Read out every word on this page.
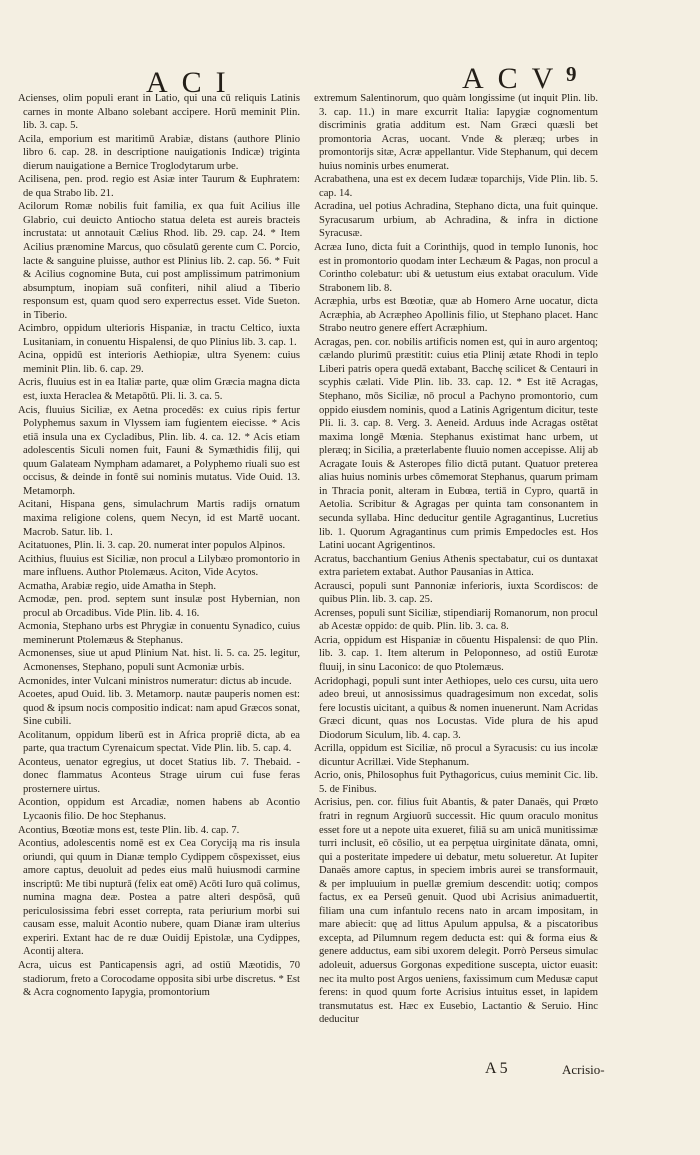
ACI	ACV
9

Acienses, olim populi erant in Latio, qui una cū reliquis Latinis carnes in monte Albano solebant accipere. Horū meminit Plin. lib. 3. cap. 5.

Acila, emporium est maritimū Arabiæ, distans (authore Plinio libro 6. cap. 28. in descriptione nauigationis Indicæ) triginta dierum nauigatione a Bernice Troglodytarum urbe.

Acilisena, pen. prod. regio est Asiæ inter Taurum & Euphratem: de qua Strabo lib. 21.

Acilorum Romæ nobilis fuit familia, ex qua fuit Acilius ille Glabrio, cui deuicto Antiocho statua deleta est aureis bracteis incrustata: ut annotauit Cælius Rhod. lib. 29. cap. 24. * Item Acilius prænomine Marcus, quo cōsulatū gerente cum C. Porcio, lacte & sanguine pluisse, author est Plinius lib. 2. cap. 56. * Fuit & Acilius cognomine Buta, cui post amplissimum patrimonium absumptum, inopiam suā confiteri, nihil aliud a Tiberio responsum est, quam quod sero experrectus esset. Vide Sueton. in Tiberio.

Acimbro, oppidum ulterioris Hispaniæ, in tractu Celtico, iuxta Lusitaniam, in conuentu Hispalensi, de quo Plinius lib. 3. cap. 1.

Acina, oppidū est interioris Aethiopiæ, ultra Syenem: cuius meminit Plin. lib. 6. cap. 29.

Acris, fluuius est in ea Italiæ parte, quæ olim Græcia magna dicta est, iuxta Heraclea & Metapōtū. Pli. li. 3. ca. 5.

Acis, fluuius Siciliæ, ex Aetna procedēs: ex cuius ripis fertur Polyphemus saxum in Vlyssem iam fugientem eiecisse. * Acis etiā insula una ex Cycladibus, Plin. lib. 4. ca. 12. * Acis etiam adolescentis Siculi nomen fuit, Fauni & Symæthidis filij, qui quum Galateam Nympham adamaret, a Polyphemo riuali suo est occisus, & deinde in fontē sui nominis mutatus. Vide Ouid. 13. Metamorph.

Acitani, Hispana gens, simulachrum Martis radijs ornatum maxima religione colens, quem Necyn, id est Martē uocant. Macrob. Satur. lib. 1.

Acitatuones, Plin. li. 3. cap. 20. numerat inter populos Alpinos.

Acithius, fluuius est Siciliæ, non procul a Lilybæo promontorio in mare influens. Author Ptolemæus. Aciton, Vide Acytos.

Acmatha, Arabiæ regio, uide Amatha in Steph.

Acmodæ, pen. prod. septem sunt insulæ post Hybernian, non procul ab Orcadibus. Vide Plin. lib. 4. 16.

Acmonia, Stephano urbs est Phrygiæ in conuentu Synadico, cuius meminerunt Ptolemæus & Stephanus.

Acmonenses, siue ut apud Plinium Nat. hist. li. 5. ca. 25. legitur, Acmonenses, Stephano, populi sunt Acmoniæ urbis.

Acmonides, inter Vulcani ministros numeratur: dictus ab incude.

Acoetes, apud Ouid. lib. 3. Metamorp. nautæ pauperis nomen est: quod & ipsum nocis compositio indicat: nam apud Græcos sonat, Sine cubili.

Acolitanum, oppidum liberū est in Africa propriē dicta, ab ea parte, qua tractum Cyrenaicum spectat. Vide Plin. lib. 5. cap. 4.

Aconteus, uenator egregius, ut docet Statius lib. 7. Thebaid. - donec flammatus Aconteus Strage uirum cui fuse feras prosternere uirtus.

Acontion, oppidum est Arcadiæ, nomen habens ab Acontio Lycaonis filio. De hoc Stephanus.

Acontius, Bœotiæ mons est, teste Plin. lib. 4. cap. 7.

Acontius, adolescentis nomē est ex Cea Coryciją ma ris insula oriundi, qui quum in Dianæ templo Cydippem cōspexisset, eius amore captus, deuoluit ad pedes eius malū huiusmodi carmine inscriptū: Me tibi nupturā (felix eat omē) Acōti Iuro quā colimus, numina magna deæ. Postea a patre alteri despōsā, quū periculosissima febri esset correpta, rata periurium morbi sui causam esse, maluit Acontio nubere, quam Dianæ iram ulterius experiri. Extant hac de re duæ Ouidij Epistolæ, una Cydippes, Acontij altera.

Acra, uicus est Panticapensis agri, ad ostiū Mæotidis, 70 stadiorum, freto a Corocodame opposita sibi urbe discretus. * Est & Acra cognomento Iapygia, promontorium

extremum Salentinorum, quo quàm longissime (ut inquit Plin. lib. 3. cap. 11.) in mare excurrit Italia: Iapygiæ cognomentum discriminis gratia additum est. Nam Græci quæsli bet promontoria Acras, uocant. Vnde & pleræq; urbes in promontorijs sitæ, Acræ appellantur. Vide Stephanum, qui decem huius nominis urbes enumerat.

Acrabathena, una est ex decem Iudææ toparchijs, Vide Plin. lib. 5. cap. 14.

Acradina, uel potius Achradina, Stephano dicta, una fuit quinque. Syracusarum urbium, ab Achradina, & infra in dictione Syracusæ.

Acræa Iuno, dicta fuit a Corinthijs, quod in templo Iunonis, hoc est in promontorio quodam inter Lechæum & Pagas, non procul a Corintho colebatur: ubi & uetustum eius extabat oraculum. Vide Strabonem lib. 8.

Acræphia, urbs est Bœotiæ, quæ ab Homero Arne uocatur, dicta Acræphia, ab Acræpheo Apollinis filio, ut Stephano placet. Hanc Strabo neutro genere effert Acræphium.

Acragas, pen. cor. nobilis artificis nomen est, qui in auro argentoq; cælando plurimū præstitit: cuius etia Plinij ætate Rhodi in teplo Liberi patris opera quedā extabant, Bacchę scilicet & Centauri in scyphis cælati. Vide Plin. lib. 33. cap. 12. * Est itē Acragas, Stephano, mōs Siciliæ, nō procul a Pachyno promontorio, cum oppido eiusdem nominis, quod a Latinis Agrigentum dicitur, teste Pli. li. 3. cap. 8. Verg. 3. Aeneid. Arduus inde Acragas ostētat maxima longē Mœnia. Stephanus existimat hanc urbem, ut pleræq; in Sicilia, a præterlabente fluuio nomen accepisse. Alij ab Acragate Iouis & Asteropes filio dictā putant. Quatuor preterea alias huius nominis urbes cōmemorat Stephanus, quarum primam in Thracia ponit, alteram in Eubœa, tertiā in Cypro, quartā in Aetolia. Scribitur & Agragas per quinta tam consonantem in secunda syllaba. Hinc deducitur gentile Agragantinus, Lucretius lib. 1. Quorum Agragantinus cum primis Empedocles est. Hos Latini uocant Agrigentinos.

Acratus, bacchantium Genius Athenis spectabatur, cui os duntaxat extra parietem extabat. Author Pausanias in Attica.

Acrausci, populi sunt Pannoniæ inferioris, iuxta Scordiscos: de quibus Plin. lib. 3. cap. 25.

Acrenses, populi sunt Siciliæ, stipendiarij Romanorum, non procul ab Acestæ oppido: de quib. Plin. lib. 3. ca. 8.

Acria, oppidum est Hispaniæ in cōuentu Hispalensi: de quo Plin. lib. 3. cap. 1. Item alterum in Peloponneso, ad ostiū Eurotæ fluuij, in sinu Laconico: de quo Ptolemæus.

Acridophagi, populi sunt inter Aethiopes, uelo ces cursu, uita uero adeo breui, ut annosissimus quadragesimum non excedat, solis fere locustis uicitant, a quibus & nomen inuenerunt. Nam Acridas Græci dicunt, quas nos Locustas. Vide plura de his apud Diodorum Siculum, lib. 4. cap. 3.

Acrilla, oppidum est Siciliæ, nō procul a Syracusis: cu ius incolæ dicuntur Acrillæi. Vide Stephanum.

Acrio, onis, Philosophus fuit Pythagoricus, cuius meminit Cic. lib. 5. de Finibus.

Acrisius, pen. cor. filius fuit Abantis, & pater Danaës, qui Prœto fratri in regnum Argiuorū successit. Hic quum oraculo monitus esset fore ut a nepote uita exueret, filiā su am unicā munitissimæ turri inclusit, eō cōsilio, ut ea perpętua uirginitate dānata, omni, qui a posteritate impedere ui debatur, metu solueretur. At Iupiter Danaës amore captus, in speciem imbris aurei se transformauit, & per impluuium in puellæ gremium descendit: uotiq; compos factus, ex ea Perseū genuit. Quod ubi Acrisius animaduertit, filiam una cum infantulo recens nato in arcam impositam, in mare abiecit: quę ad littus Apulum appulsa, & a piscatoribus excepta, ad Pilumnum regem deducta est: qui & forma eius & genere adductus, eam sibi uxorem delegit. Porrò Perseus simulac adoleuit, aduersus Gorgonas expeditione suscepta, uictor euasit: nec ita multo post Argos ueniens, faxissimum cum Medusæ caput ferens: in quod quum forte Acrisius intuitus esset, in lapidem transmutatus est. Hæc ex Eusebio, Lactantio & Seruio. Hinc deducitur

A 5	Acrisio-
